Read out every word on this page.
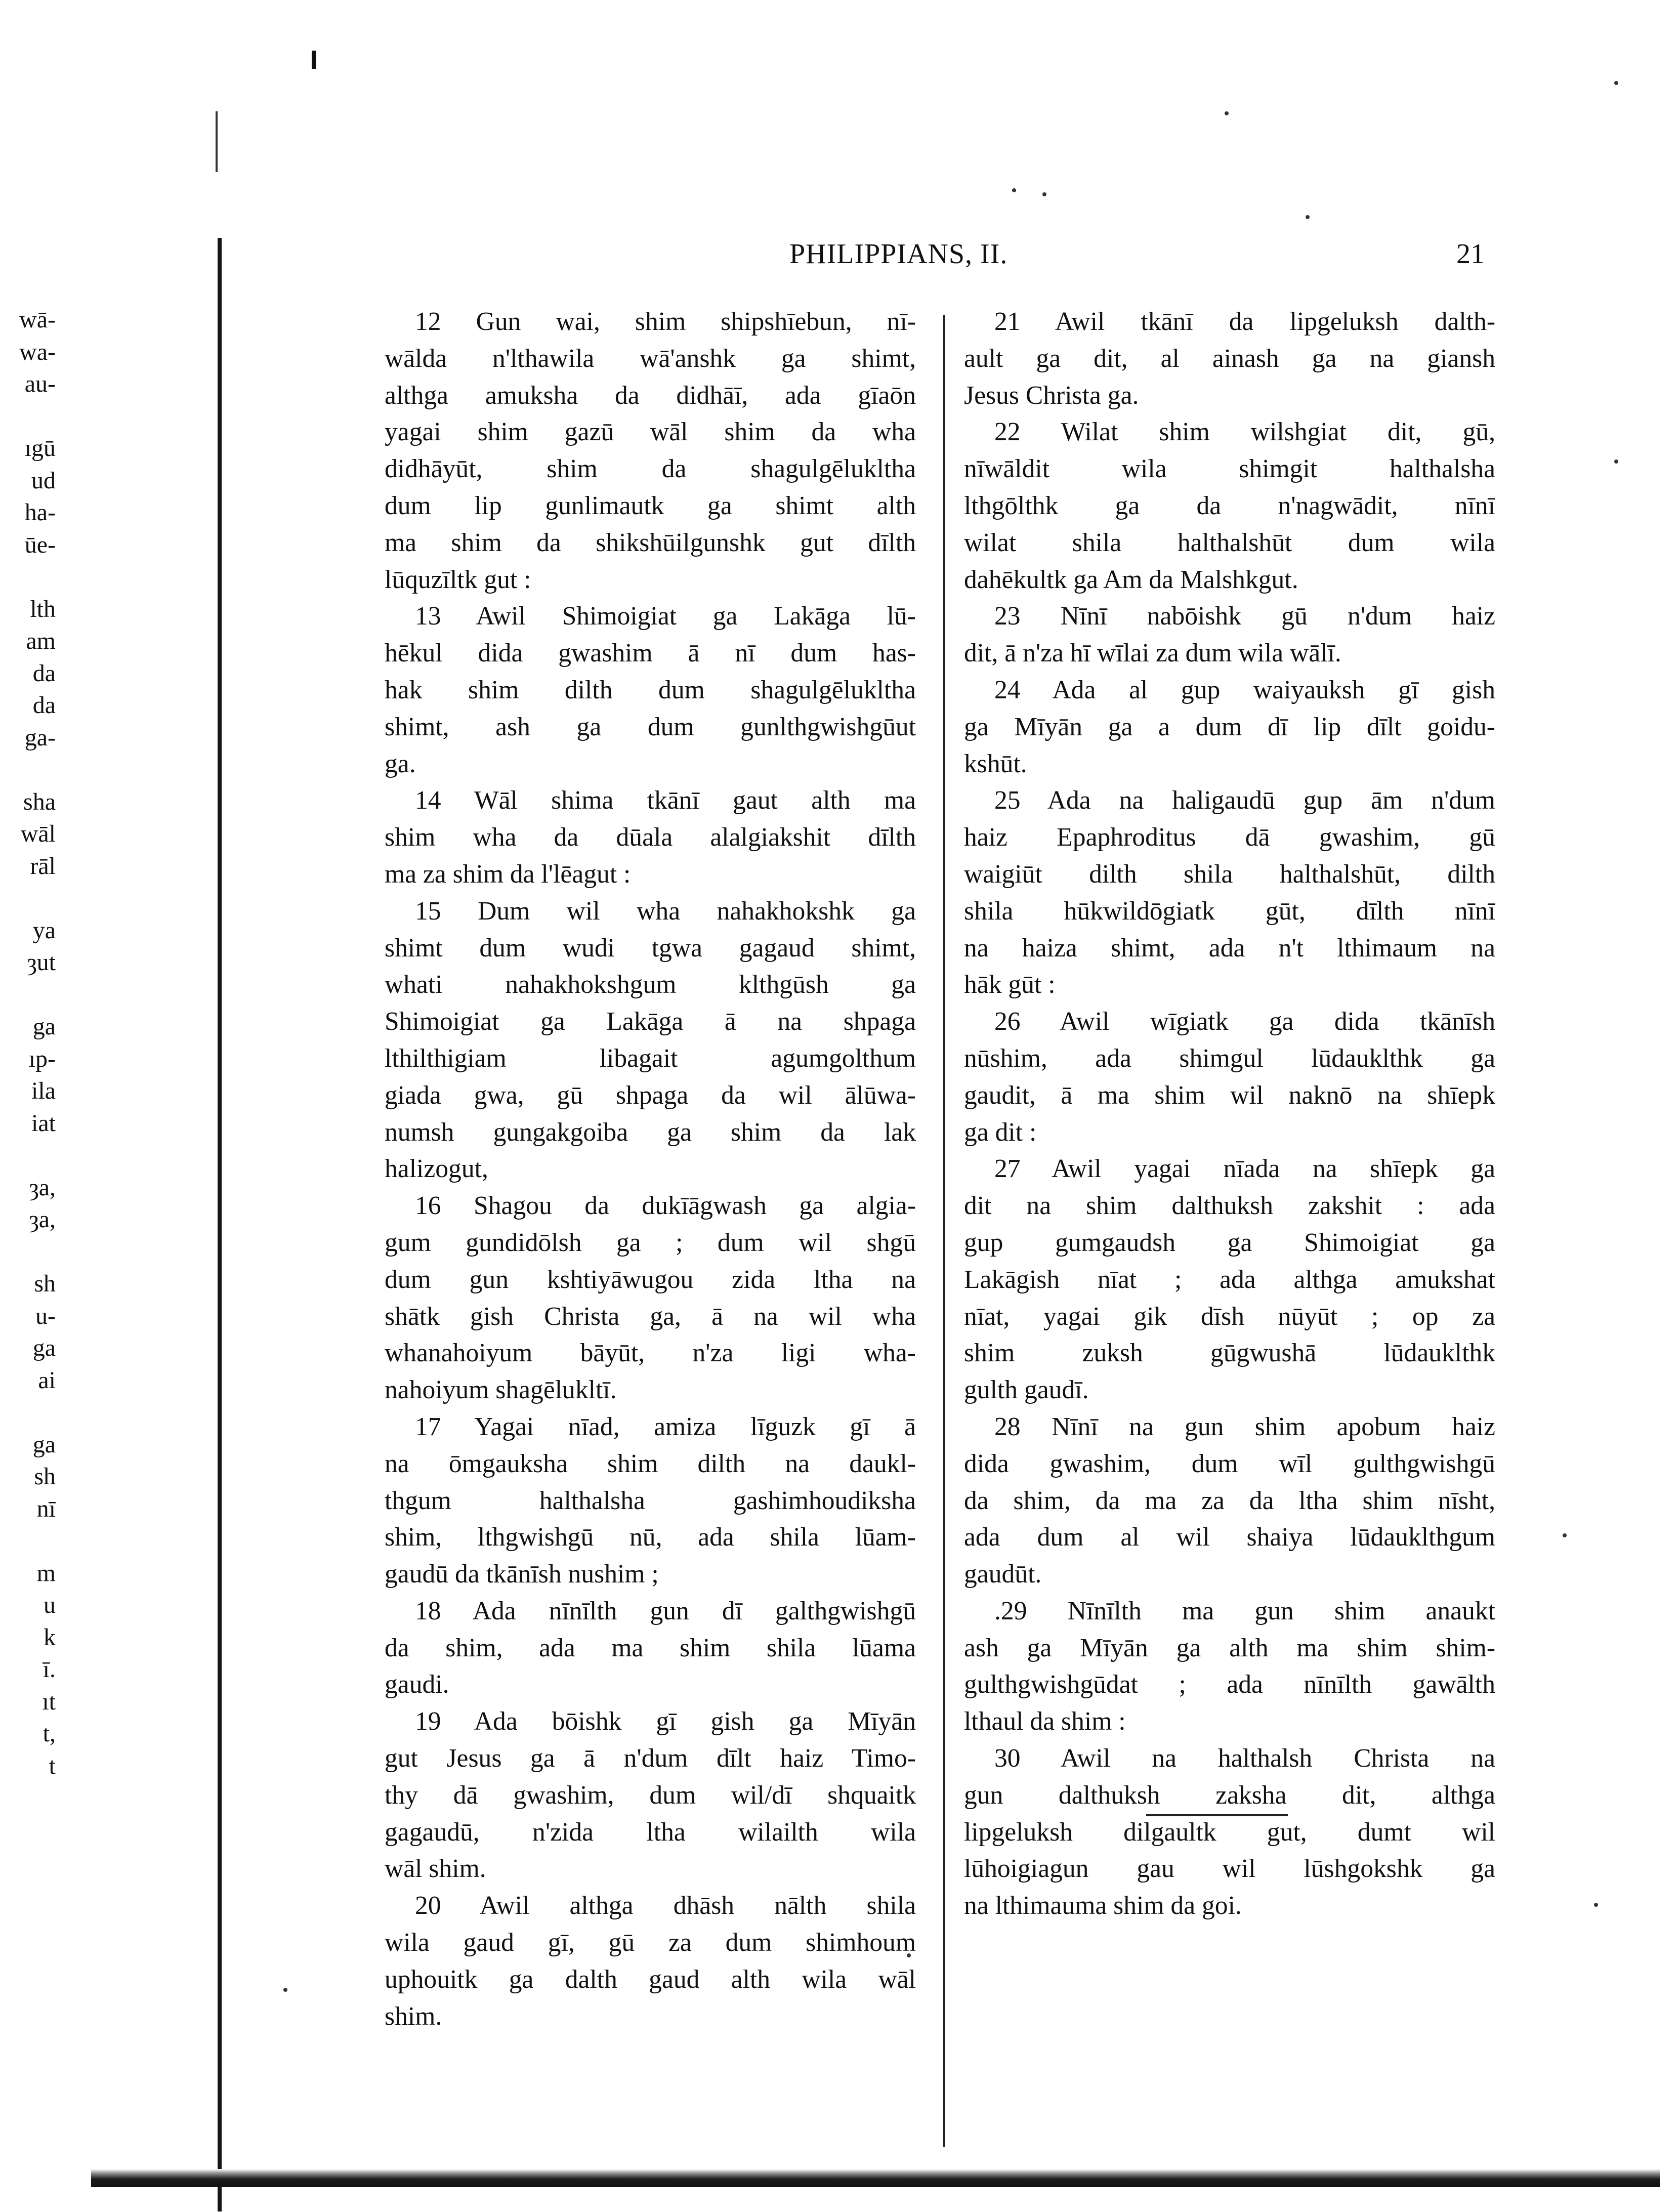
wā-
wa-
au-
ıgū
ud
ha-
ūe-
lth
am
da
da
ga-
sha
wāl
rāl
ya
ȝut
ga
ıp-
ila
iat
ȝa,
ȝa,
sh
u-
ga
ai
ga
sh
nī
m
u
k
ī.
ıt
t,
t
PHILIPPIANS, II.	21
12 Gun wai, shim shipshīebun, nī-
wālda n'lthawila wā'anshk ga shimt,
althga amuksha da didhāī, ada gīaōn
yagai shim gazū wāl shim da wha
didhāyūt, shim da shagulgēlukltha
dum lip gunlimautk ga shimt alth
ma shim da shikshūilgunshk gut dīlth
lūquzīltk gut :
13 Awil Shimoigiat ga Lakāga lū-
hēkul dida gwashim ā nī dum has-
hak shim dilth dum shagulgēlukltha
shimt, ash ga dum gunlthgwishgūut
ga.
14 Wāl shima tkānī gaut alth ma
shim wha da dūala alalgiakshit dīlth
ma za shim da l'lēagut :
15 Dum wil wha nahakhokshk ga
shimt dum wudi tgwa gagaud shimt,
whati nahakhokshgum klthgūsh ga
Shimoigiat ga Lakāga ā na shpaga
lthilthigiam libagait agumgolthum
giada gwa, gū shpaga da wil ālūwa-
numsh gungakgoiba ga shim da lak
halizogut,
16 Shagou da dukīāgwash ga algia-
gum gundidōlsh ga ; dum wil shgū
dum gun kshtiyāwugou zida ltha na
shātk gish Christa ga, ā na wil wha
whanahoiyum bāyūt, n'za ligi wha-
nahoiyum shagēlukltī.
17 Yagai nīad, amiza līguzk gī ā
na ōmgauksha shim dilth na daukl-
thgum halthalsha gashimhoudiksha
shim, lthgwishgū nū, ada shila lūam-
gaudū da tkānīsh nushim ;
18 Ada nīnīlth gun dī galthgwishgū
da shim, ada ma shim shila lūama
gaudi.
19 Ada bōishk gī gish ga Mīyān
gut Jesus ga ā n'dum dīlt haiz Timo-
thy dā gwashim, dum wil/dī shquaitk
gagaudū, n'zida ltha wilailth wila
wāl shim.
20 Awil althga dhāsh nālth shila
wila gaud gī, gū za dum shimhoum
uphouitk ga dalth gaud alth wila wāl
shim.
21 Awil tkānī da lipgeluksh dalth-
ault ga dit, al ainash ga na giansh
Jesus Christa ga.
22 Wilat shim wilshgiat dit, gū,
nīwāldit wila shimgit halthalsha
lthgōlthk ga da n'nagwādit, nīnī
wilat shila halthalshūt dum wila
dahēkultk ga Am da Malshkgut.
23 Nīnī nabōishk gū n'dum haiz
dit, ā n'za hī wīlai za dum wila wālī.
24 Ada al gup waiyauksh gī gish
ga Mīyān ga a dum dī lip dīlt goidu-
kshūt.
25 Ada na haligaudū gup ām n'dum
haiz Epaphroditus dā gwashim, gū
waigiūt dilth shila halthalshūt, dilth
shila hūkwildōgiatk gūt, dīlth nīnī
na haiza shimt, ada n't lthimaum na
hāk gūt :
26 Awil wīgiatk ga dida tkānīsh
nūshim, ada shimgul lūdauklthk ga
gaudit, ā ma shim wil naknō na shīepk
ga dit :
27 Awil yagai nīada na shīepk ga
dit na shim dalthuksh zakshit : ada
gup gumgaudsh ga Shimoigiat ga
Lakāgish nīat ; ada althga amukshat
nīat, yagai gik dīsh nūyūt ; op za
shim zuksh gūgwushā lūdauklthk
gulth gaudī.
28 Nīnī na gun shim apobum haiz
dida gwashim, dum wīl gulthgwishgū
da shim, da ma za da ltha shim nīsht,
ada dum al wil shaiya lūdauklthgum
gaudūt.
.29 Nīnīlth ma gun shim anaukt
ash ga Mīyān ga alth ma shim shim-
gulthgwishgūdat ; ada nīnīlth gawālth
lthaul da shim :
30 Awil na halthalsh Christa na
gun dalthuksh zaksha dit, althga
lipgeluksh dilgaultk gut, dumt wil
lūhoigiagun gau wil lūshgokshk ga
na lthimauma shim da goi.
